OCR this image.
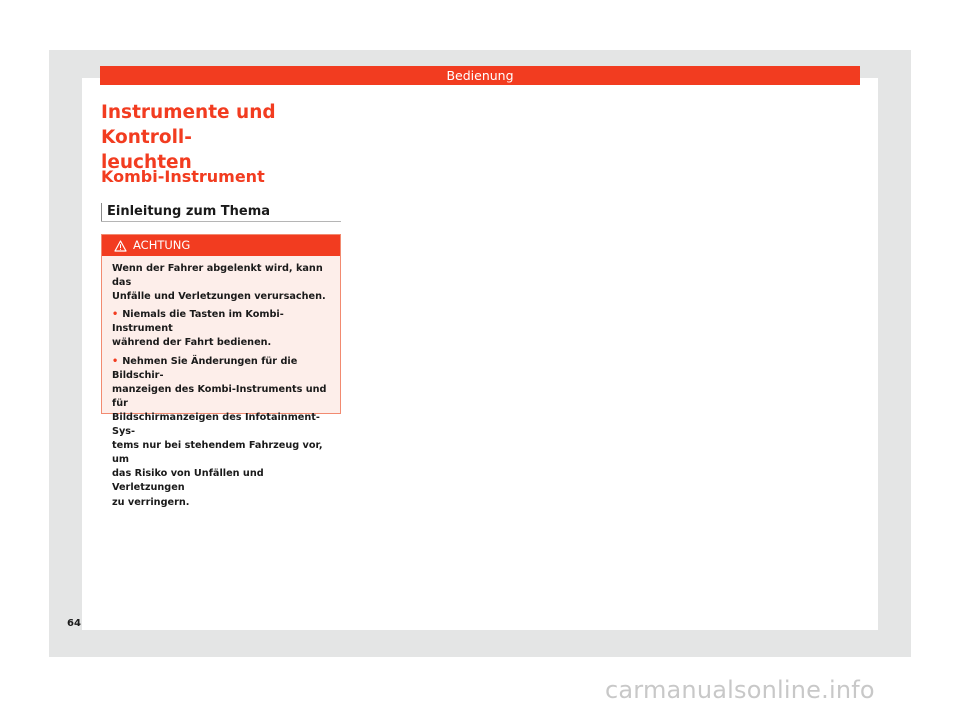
Bedienung
Instrumente und Kontroll-
leuchten
Kombi-Instrument
Einleitung zum Thema
ACHTUNG

Wenn der Fahrer abgelenkt wird, kann das
Unfälle und Verletzungen verursachen.

• Niemals die Tasten im Kombi-Instrument
während der Fahrt bedienen.

• Nehmen Sie Änderungen für die Bildschir-
manzeigen des Kombi-Instruments und für
Bildschirmanzeigen des Infotainment-Sys-
tems nur bei stehendem Fahrzeug vor, um
das Risiko von Unfällen und Verletzungen
zu verringern.

64
carmanualsonline.info
